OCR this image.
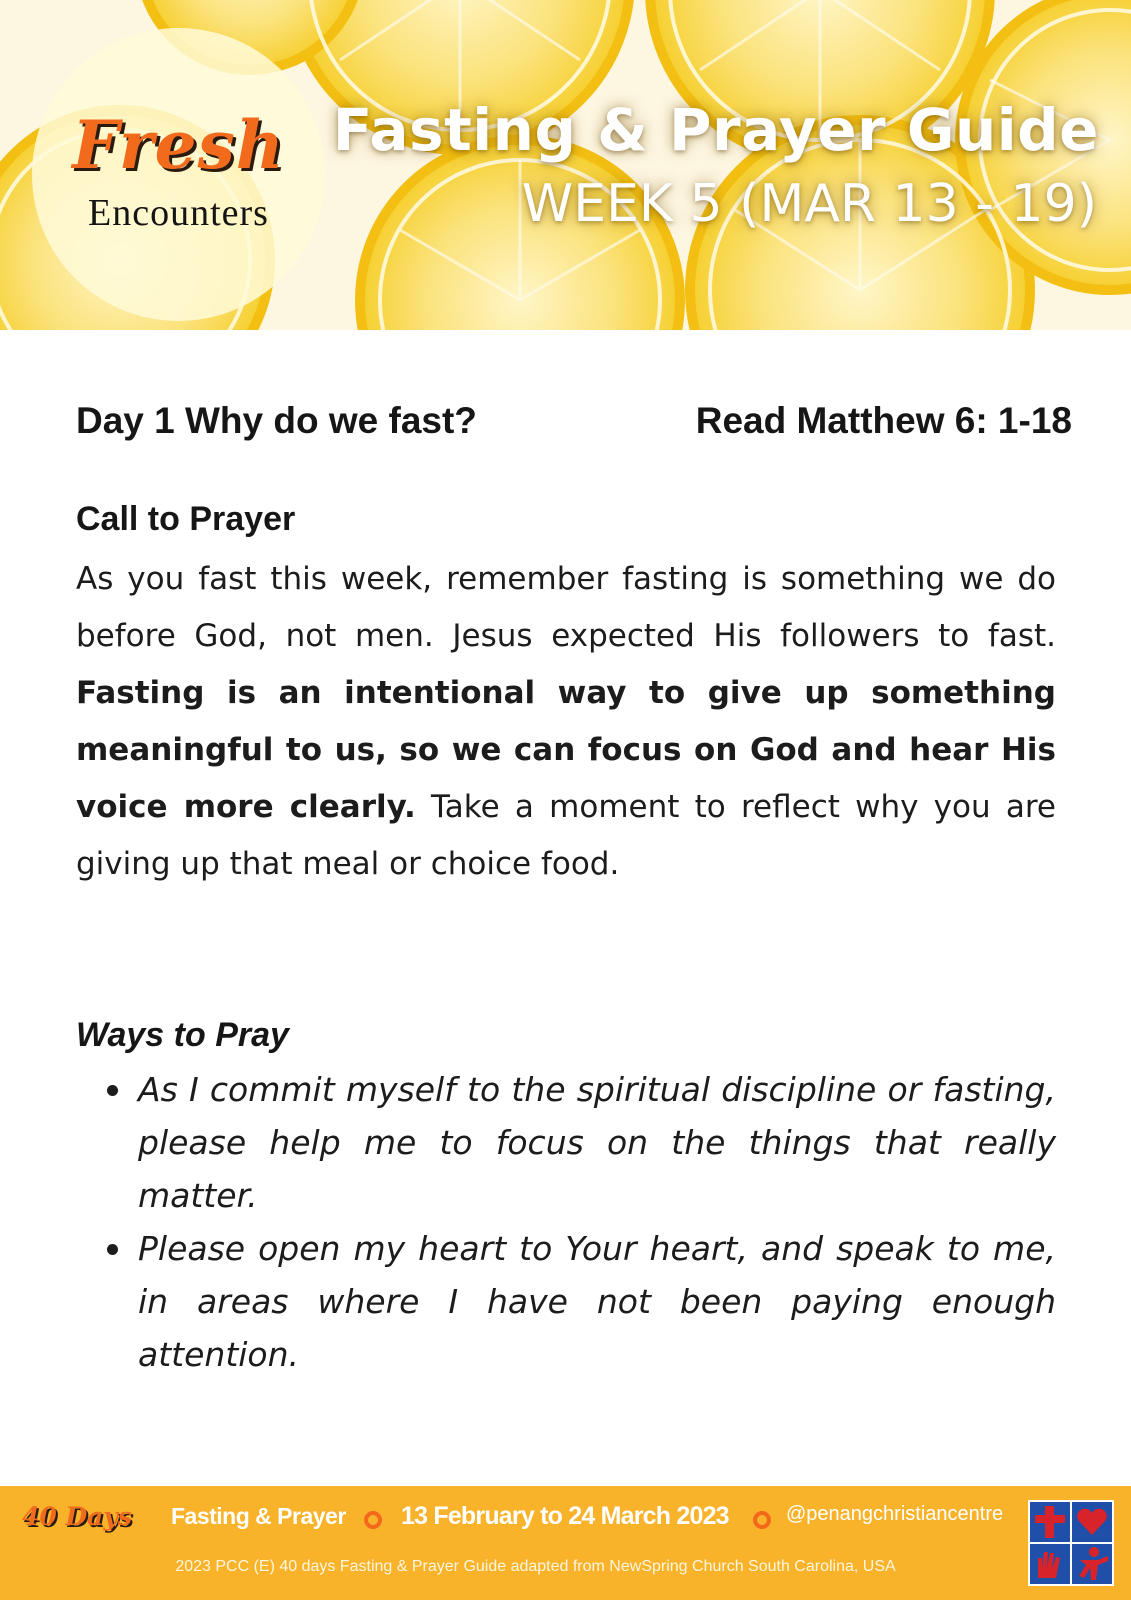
Fresh
Encounters
Fasting & Prayer Guide
WEEK 5 (MAR 13 - 19)
Day 1 Why do we fast?	Read Matthew 6: 1-18
Call to Prayer

As you fast this week, remember fasting is something we do before God, not men. Jesus expected His followers to fast. Fasting is an intentional way to give up something meaningful to us, so we can focus on God and hear His voice more clearly. Take a moment to reflect why you are giving up that meal or choice food.

Ways to Pray
As I commit myself to the spiritual discipline or fasting, please help me to focus on the things that really matter.
Please open my heart to Your heart, and speak to me, in areas where I have not been paying enough attention.
40 Days Fasting & Prayer 13 February to 24 March 2023	@penangchristiancentre
2023 PCC (E) 40 days Fasting & Prayer Guide adapted from NewSpring Church South Carolina, USA
